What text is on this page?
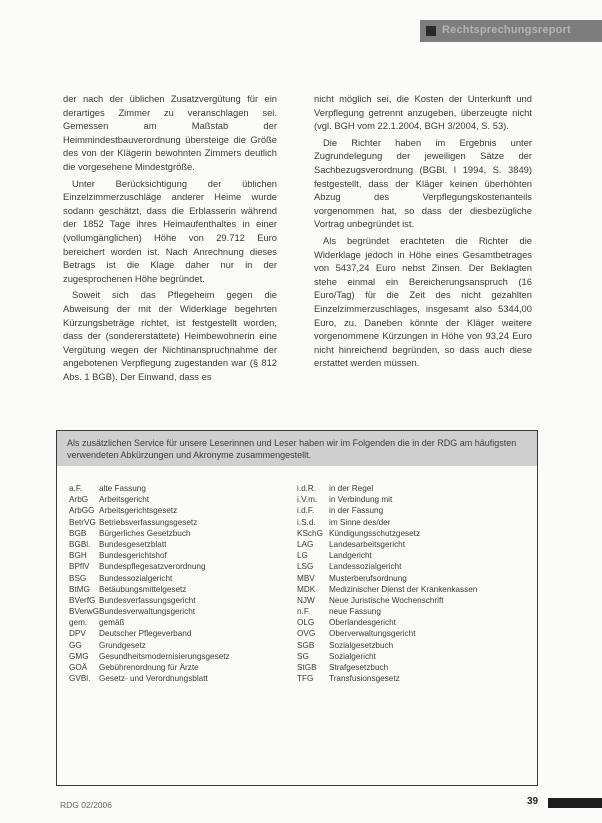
Rechtsprechungsreport

der nach der üblichen Zusatzvergütung für ein derartiges Zimmer zu veranschlagen sei. Gemessen am Maßstab der Heimmindestbauverordnung übersteige die Größe des von der Klägerin bewohnten Zimmers deutlich die vorgesehene Mindestgröße.

Unter Berücksichtigung der üblichen Einzelzimmerzuschläge anderer Heime wurde sodann geschätzt, dass die Erblasserin während der 1852 Tage ihres Heimaufenthaltes in einer (vollumgänglichen) Höhe von 29.712 Euro bereichert worden ist. Nach Anrechnung dieses Betrags ist die Klage daher nur in der zugesprochenen Höhe begründet.

Soweit sich das Pflegeheim gegen die Abweisung der mit der Widerklage begehrten Kürzungsbeträge richtet, ist festgestellt worden, dass der (sondererstattete) Heimbewohnerin eine Vergütung wegen der Nichtinanspruchnahme der angebotenen Verpflegung zugestanden war (§ 812 Abs. 1 BGB). Der Einwand, dass es

nicht möglich sei, die Kosten der Unterkunft und Verpflegung getrennt anzugeben, überzeugte nicht (vgl. BGH vom 22.1.2004, BGH 3/2004, S. 53).

Die Richter haben im Ergebnis unter Zugrundelegung der jeweiligen Sätze der Sachbezugsverordnung (BGBl. I 1994, S. 3849) festgestellt, dass der Kläger keinen überhöhten Abzug des Verpflegungskostenanteils vorgenommen hat, so dass der diesbezügliche Vortrag unbegründet ist.

Als begründet erachteten die Richter die Widerklage jedoch in Höhe eines Gesamtbetrages von 5437,24 Euro nebst Zinsen. Der Beklagten stehe einmal ein Bereicherungsanspruch (16 Euro/Tag) für die Zeit des nicht gezahlten Einzelzimmerzuschlages, insgesamt also 5344,00 Euro, zu. Daneben könnte der Kläger weitere vorgenommene Kürzungen in Höhe von 93,24 Euro nicht hinreichend begründen, so dass auch diese erstattet werden müssen.

Als zusätzlichen Service für unsere Leserinnen und Leser haben wir im Folgenden die in der RDG am häufigsten verwendeten Abkürzungen und Akronyme zusammengestellt.
a.F.	alte Fassung
ArbG	Arbeitsgericht
ArbGG Arbeitsgerichtsgesetz
BetrVG Betriebsverfassungsgesetz
BGB	Bürgerliches Gesetzbuch
BGBl.	Bundesgesetzblatt
BGH	Bundesgerichtshof
BPflV	Bundespflegesatzverordnung
BSG	Bundessozialgericht
BtMG	Betäubungsmittelgesetz
BVerfG Bundesverfassungsgericht
BVerwG Bundesverwaltungsgericht
gem.	gemäß
DPV	Deutscher Pflegeverband
GG	Grundgesetz
GMG	Gesundheitsmodernisierungsgesetz
GOÄ	Gebührenordnung für Ärzte
GVBl.	Gesetz- und Verordnungsblatt
i.d.R.	in der Regel
i.V.m.	in Verbindung mit
i.d.F.	in der Fassung
i.S.d.	im Sinne des/der
KSchG Kündigungsschutzgesetz
LAG	Landesarbeitsgericht
LG	Landgericht
LSG	Landessozialgericht
MBV	Musterberufsordnung
MDK	Medizinischer Dienst der Krankenkassen
NJW	Neue Juristische Wochenschrift
n.F.	neue Fassung
OLG	Oberlandesgericht
OVG	Oberverwaltungsgericht
SGB	Sozialgesetzbuch
SG	Sozialgericht
StGB	Strafgesetzbuch
TFG	Transfusionsgesetz
RDG 02/2006	39
